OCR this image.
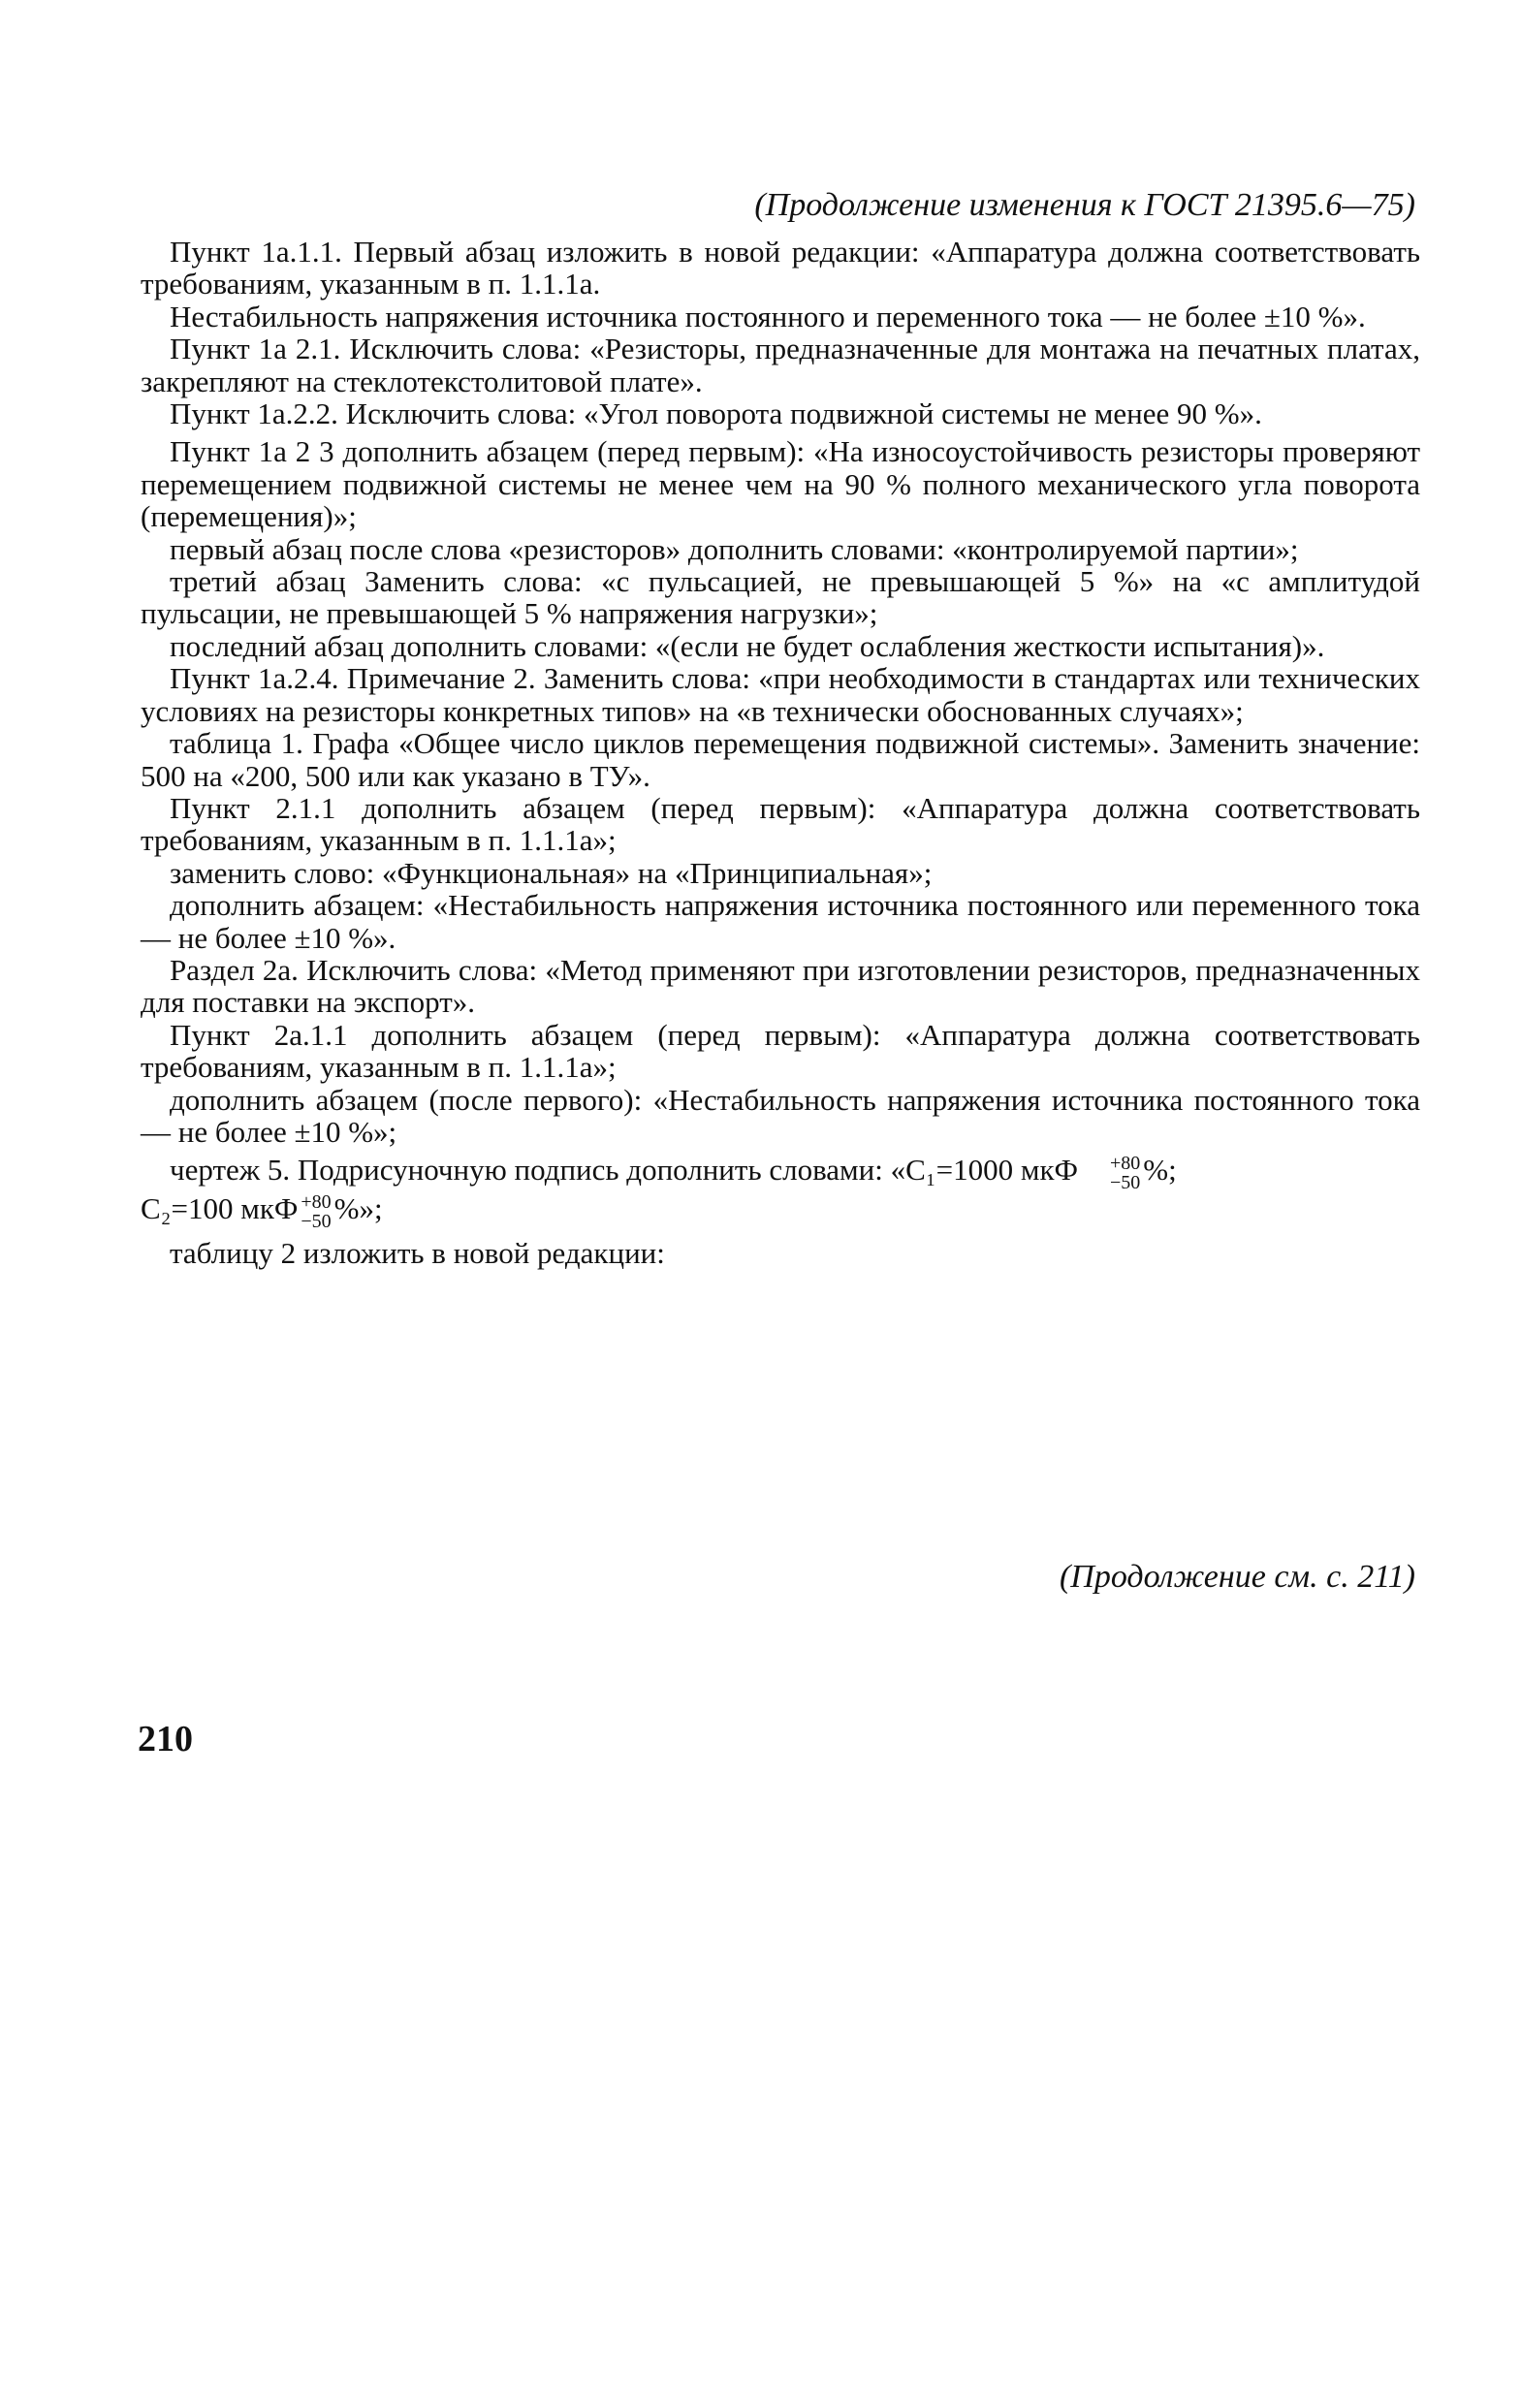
(Продолжение изменения к ГОСТ 21395.6—75)

Пункт 1а.1.1. Первый абзац изложить в новой редакции: «Аппаратура должна соответствовать требованиям, указанным в п. 1.1.1а.

Нестабильность напряжения источника постоянного и переменного тока — не более ±10 %».

Пункт 1а 2.1. Исключить слова: «Резисторы, предназначенные для монтажа на печатных платах, закрепляют на стеклотекстолитовой плате».

Пункт 1а.2.2. Исключить слова: «Угол поворота подвижной системы не менее 90 %».

Пункт 1а 2 3 дополнить абзацем (перед первым): «На износоустойчивость резисторы проверяют перемещением подвижной системы не менее чем на 90 % полного механического угла поворота (перемещения)»;

первый абзац после слова «резисторов» дополнить словами: «контролируемой партии»;

третий абзац Заменить слова: «с пульсацией, не превышающей 5 %» на «с амплитудой пульсации, не превышающей 5 % напряжения нагрузки»;

последний абзац дополнить словами: «(если не будет ослабления жесткости испытания)».

Пункт 1а.2.4. Примечание 2. Заменить слова: «при необходимости в стандартах или технических условиях на резисторы конкретных типов» на «в технически обоснованных случаях»;

таблица 1. Графа «Общее число циклов перемещения подвижной системы». Заменить значение: 500 на «200, 500 или как указано в ТУ».

Пункт 2.1.1 дополнить абзацем (перед первым): «Аппаратура должна соответствовать требованиям, указанным в п. 1.1.1а»;

заменить слово: «Функциональная» на «Принципиальная»;

дополнить абзацем: «Нестабильность напряжения источника постоянного или переменного тока — не более ±10 %».

Раздел 2а. Исключить слова: «Метод применяют при изготовлении резисторов, предназначенных для поставки на экспорт».

Пункт 2а.1.1 дополнить абзацем (перед первым): «Аппаратура должна соответствовать требованиям, указанным в п. 1.1.1а»;

дополнить абзацем (после первого): «Нестабильность напряжения источника постоянного тока — не более ±10 %»;

чертеж 5. Подрисуночную подпись дополнить словами: «С₁=1000 мкФ	+80
−50 %;

С₂=100 мкФ +80
−50 %»;

таблицу 2 изложить в новой редакции:

(Продолжение см. с. 211)
210
